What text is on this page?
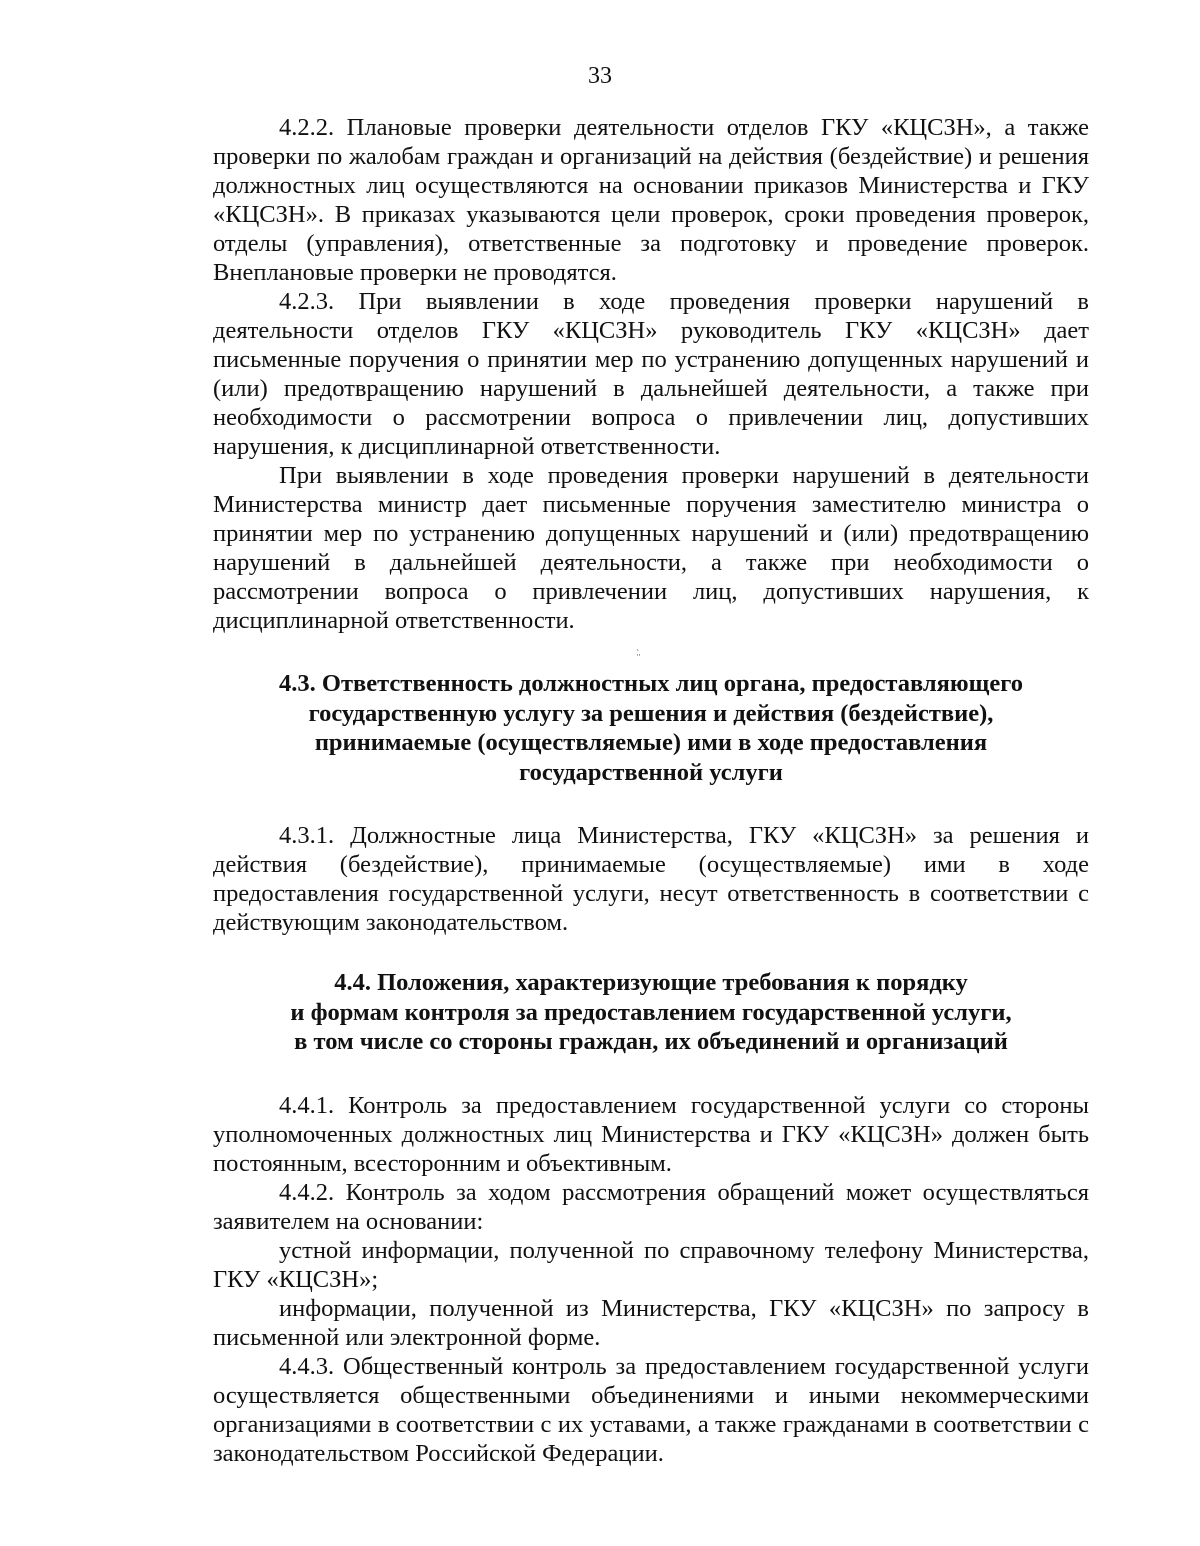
33

4.2.2. Плановые проверки деятельности отделов ГКУ «КЦСЗН», а также проверки по жалобам граждан и организаций на действия (бездействие) и решения должностных лиц осуществляются на основании приказов Министерства и ГКУ «КЦСЗН». В приказах указываются цели проверок, сроки проведения проверок, отделы (управления), ответственные за подготовку и проведение проверок. Внеплановые проверки не проводятся.

4.2.3. При выявлении в ходе проведения проверки нарушений в деятельности отделов ГКУ «КЦСЗН» руководитель ГКУ «КЦСЗН» дает письменные поручения о принятии мер по устранению допущенных нарушений и (или) предотвращению нарушений в дальнейшей деятельности, а также при необходимости о рассмотрении вопроса о привлечении лиц, допустивших нарушения, к дисциплинарной ответственности.

При выявлении в ходе проведения проверки нарушений в деятельности Министерства министр дает письменные поручения заместителю министра о принятии мер по устранению допущенных нарушений и (или) предотвращению нарушений в дальнейшей деятельности, а также при необходимости о рассмотрении вопроса о привлечении лиц, допустивших нарушения, к дисциплинарной ответственности.

4.3. Ответственность должностных лиц органа, предоставляющего
государственную услугу за решения и действия (бездействие),
принимаемые (осуществляемые) ими в ходе предоставления
государственной услуги

4.3.1. Должностные лица Министерства, ГКУ «КЦСЗН» за решения и действия (бездействие), принимаемые (осуществляемые) ими в ходе предоставления государственной услуги, несут ответственность в соответствии с действующим законодательством.

4.4. Положения, характеризующие требования к порядку
и формам контроля за предоставлением государственной услуги,
в том числе со стороны граждан, их объединений и организаций

4.4.1. Контроль за предоставлением государственной услуги со стороны уполномоченных должностных лиц Министерства и ГКУ «КЦСЗН» должен быть постоянным, всесторонним и объективным.

4.4.2. Контроль за ходом рассмотрения обращений может осуществляться заявителем на основании:

устной информации, полученной по справочному телефону Министерства, ГКУ «КЦСЗН»;

информации, полученной из Министерства, ГКУ «КЦСЗН» по запросу в письменной или электронной форме.

4.4.3. Общественный контроль за предоставлением государственной услуги осуществляется общественными объединениями и иными некоммерческими организациями в соответствии с их уставами, а также гражданами в соответствии с законодательством Российской Федерации.

·̀·
